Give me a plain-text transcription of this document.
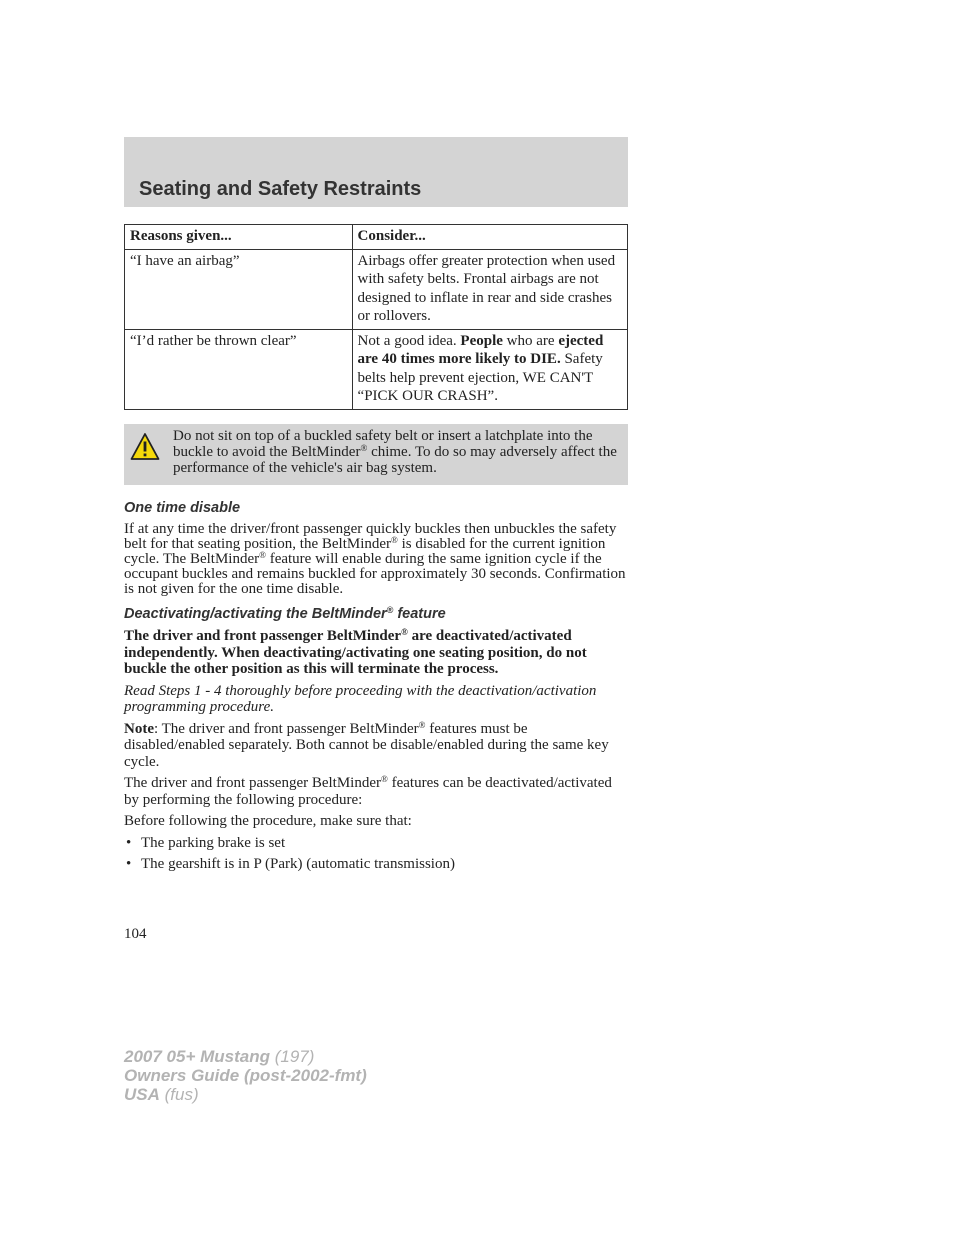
Seating and Safety Restraints
Reasons given...	Consider...
“I have an airbag”	Airbags offer greater protection when used with safety belts. Frontal airbags are not designed to inflate in rear and side crashes or rollovers.
“I’d rather be thrown clear”	Not a good idea. People who are ejected are 40 times more likely to DIE. Safety belts help prevent ejection, WE CAN'T “PICK OUR CRASH”.
Do not sit on top of a buckled safety belt or insert a latchplate into the buckle to avoid the BeltMinder® chime. To do so may adversely affect the performance of the vehicle's air bag system.
One time disable

If at any time the driver/front passenger quickly buckles then unbuckles the safety belt for that seating position, the BeltMinder® is disabled for the current ignition cycle. The BeltMinder® feature will enable during the same ignition cycle if the occupant buckles and remains buckled for approximately 30 seconds. Confirmation is not given for the one time disable.

Deactivating/activating the BeltMinder® feature

The driver and front passenger BeltMinder® are deactivated/activated independently. When deactivating/activating one seating position, do not buckle the other position as this will terminate the process.

Read Steps 1 - 4 thoroughly before proceeding with the deactivation/activation programming procedure.

Note: The driver and front passenger BeltMinder® features must be disabled/enabled separately. Both cannot be disable/enabled during the same key cycle.

The driver and front passenger BeltMinder® features can be deactivated/activated by performing the following procedure:

Before following the procedure, make sure that:

• The parking brake is set
• The gearshift is in P (Park) (automatic transmission)
104
2007 05+ Mustang (197)
Owners Guide (post-2002-fmt)
USA (fus)
